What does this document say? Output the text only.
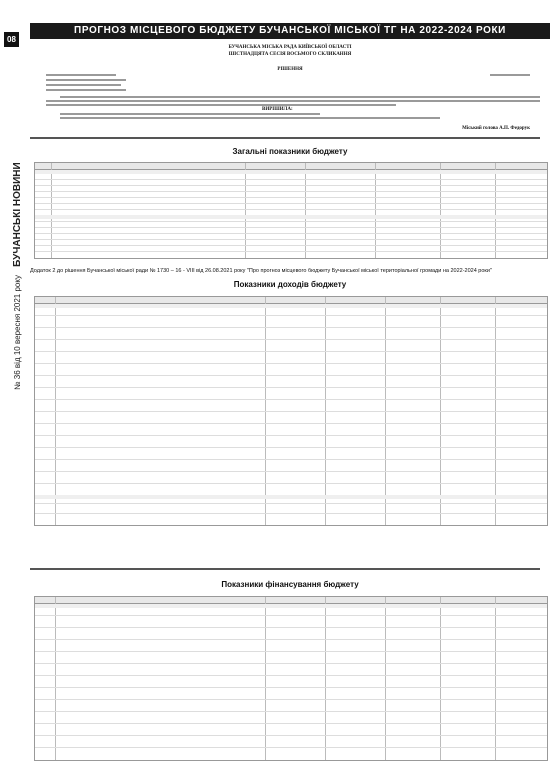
08
№ 36 від 10 вересня 2021 року БУЧАНСЬКІ НОВИНИ
ПРОГНОЗ МІСЦЕВОГО БЮДЖЕТУ БУЧАНСЬКОЇ МІСЬКОЇ ТГ НА 2022-2024 РОКИ
БУЧАНСЬКА МІСЬКА РАДА КИЇВСЬКОЇ ОБЛАСТІ
ШІСТНАДЦЯТА СЕСІЯ ВОСЬМОГО СКЛИКАННЯ
РІШЕННЯ
ВИРІШИЛА:
Міський голова А.П. Федорук
Загальні показники бюджету
Додаток 2 до рішення Бучанської міської ради № 1730 – 16 - VIII від 26.08.2021 року "Про прогноз місцевого бюджету Бучанської міської територіальної громади на 2022-2024 роки"
Показники доходів бюджету
Показники фінансування бюджету
